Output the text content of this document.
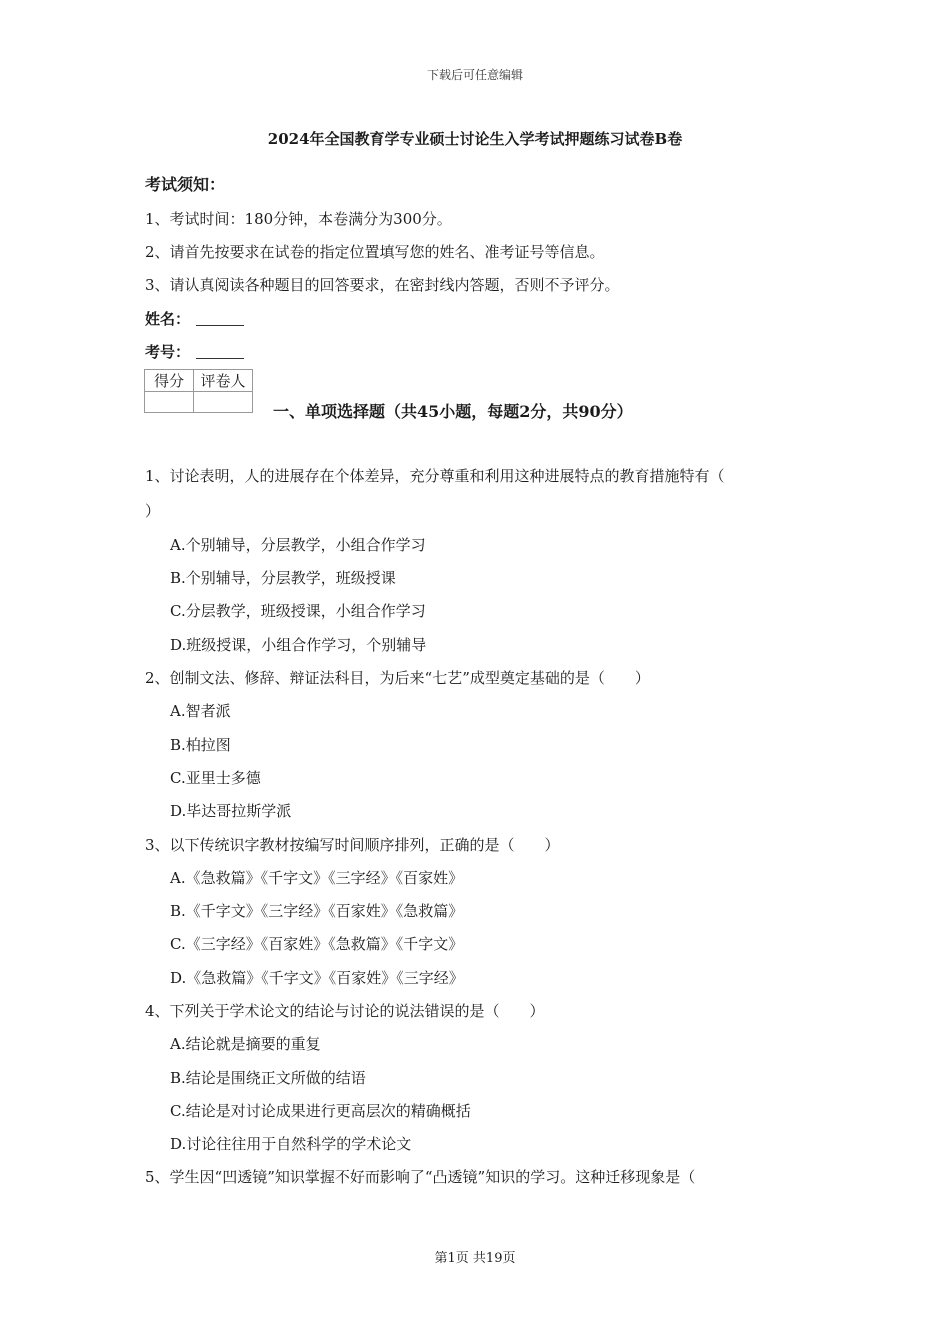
下载后可任意编辑
2024年全国教育学专业硕士讨论生入学考试押题练习试卷B卷
考试须知：
1、考试时间：180分钟，本卷满分为300分。
2、请首先按要求在试卷的指定位置填写您的姓名、准考证号等信息。
3、请认真阅读各种题目的回答要求，在密封线内答题，否则不予评分。
姓名：
考号：
得分	评卷人

一、单项选择题（共45小题，每题2分，共90分）
1、讨论表明，人的进展存在个体差异，充分尊重和利用这种进展特点的教育措施特有（
）
A.个别辅导，分层教学，小组合作学习
B.个别辅导，分层教学，班级授课
C.分层教学，班级授课，小组合作学习
D.班级授课，小组合作学习，个别辅导
2、创制文法、修辞、辩证法科目，为后来“七艺”成型奠定基础的是（　　）
A.智者派
B.柏拉图
C.亚里士多德
D.毕达哥拉斯学派
3、以下传统识字教材按编写时间顺序排列，正确的是（　　）
A.《急救篇》《千字文》《三字经》《百家姓》
B.《千字文》《三字经》《百家姓》《急救篇》
C.《三字经》《百家姓》《急救篇》《千字文》
D.《急救篇》《千字文》《百家姓》《三字经》
4、下列关于学术论文的结论与讨论的说法错误的是（　　）
A.结论就是摘要的重复
B.结论是围绕正文所做的结语
C.结论是对讨论成果进行更高层次的精确概括
D.讨论往往用于自然科学的学术论文
5、学生因“凹透镜”知识掌握不好而影响了“凸透镜”知识的学习。这种迁移现象是（
第1页 共19页
